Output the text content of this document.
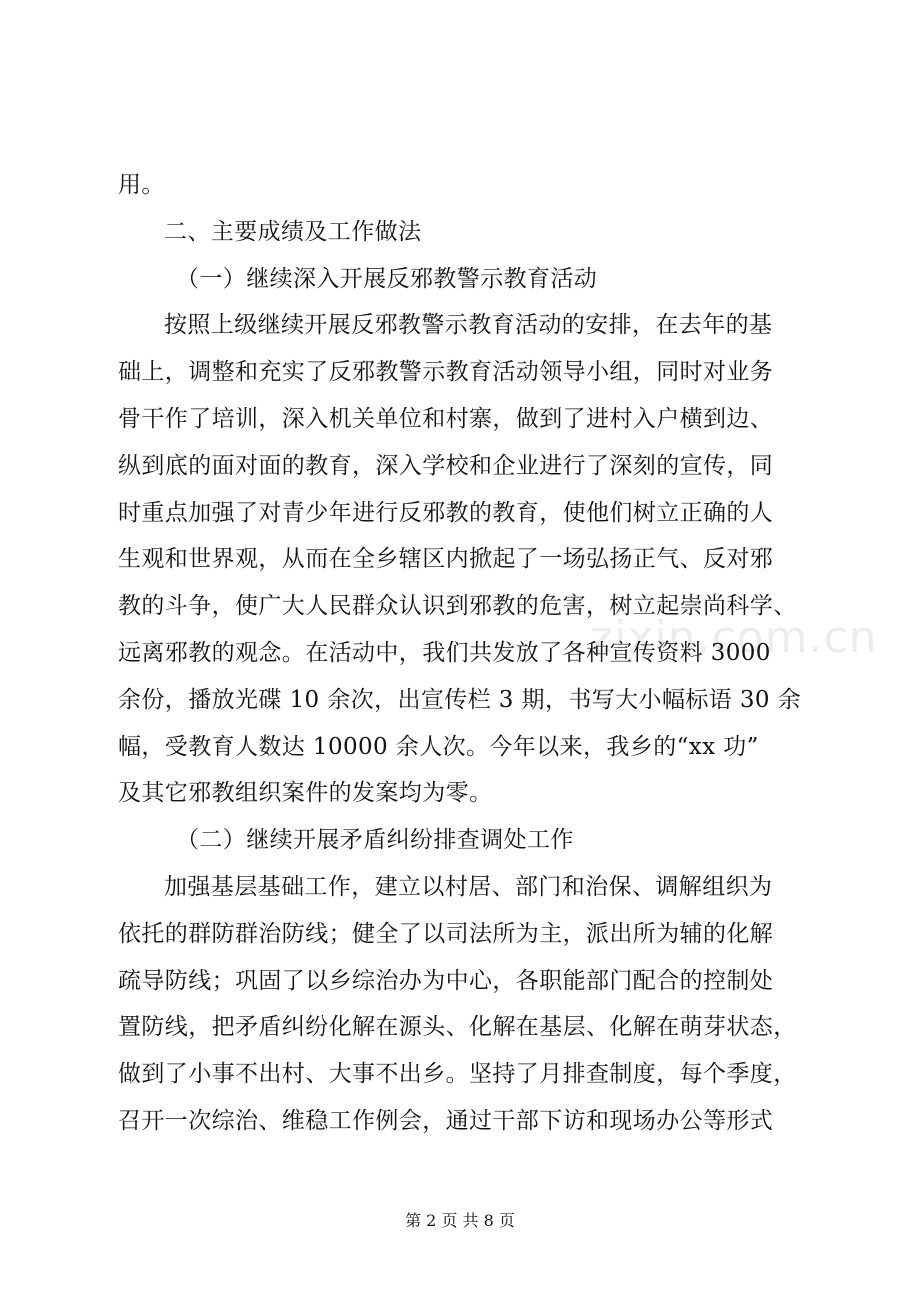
用。
二、主要成绩及工作做法
（一）继续深入开展反邪教警示教育活动
按照上级继续开展反邪教警示教育活动的安排，在去年的基
础上，调整和充实了反邪教警示教育活动领导小组，同时对业务
骨干作了培训，深入机关单位和村寨，做到了进村入户横到边、
纵到底的面对面的教育，深入学校和企业进行了深刻的宣传，同
时重点加强了对青少年进行反邪教的教育，使他们树立正确的人
生观和世界观，从而在全乡辖区内掀起了一场弘扬正气、反对邪
教的斗争，使广大人民群众认识到邪教的危害，树立起崇尚科学、
远离邪教的观念。在活动中，我们共发放了各种宣传资料 3000
余份，播放光碟 10 余次，出宣传栏 3 期，书写大小幅标语 30 余
幅，受教育人数达 10000 余人次。今年以来，我乡的“xx 功”
及其它邪教组织案件的发案均为零。
（二）继续开展矛盾纠纷排查调处工作
加强基层基础工作，建立以村居、部门和治保、调解组织为
依托的群防群治防线；健全了以司法所为主，派出所为辅的化解
疏导防线；巩固了以乡综治办为中心，各职能部门配合的控制处
置防线，把矛盾纠纷化解在源头、化解在基层、化解在萌芽状态，
做到了小事不出村、大事不出乡。坚持了月排查制度，每个季度，
召开一次综治、维稳工作例会，通过干部下访和现场办公等形式
zixin.com.cn
第 2 页 共 8 页
